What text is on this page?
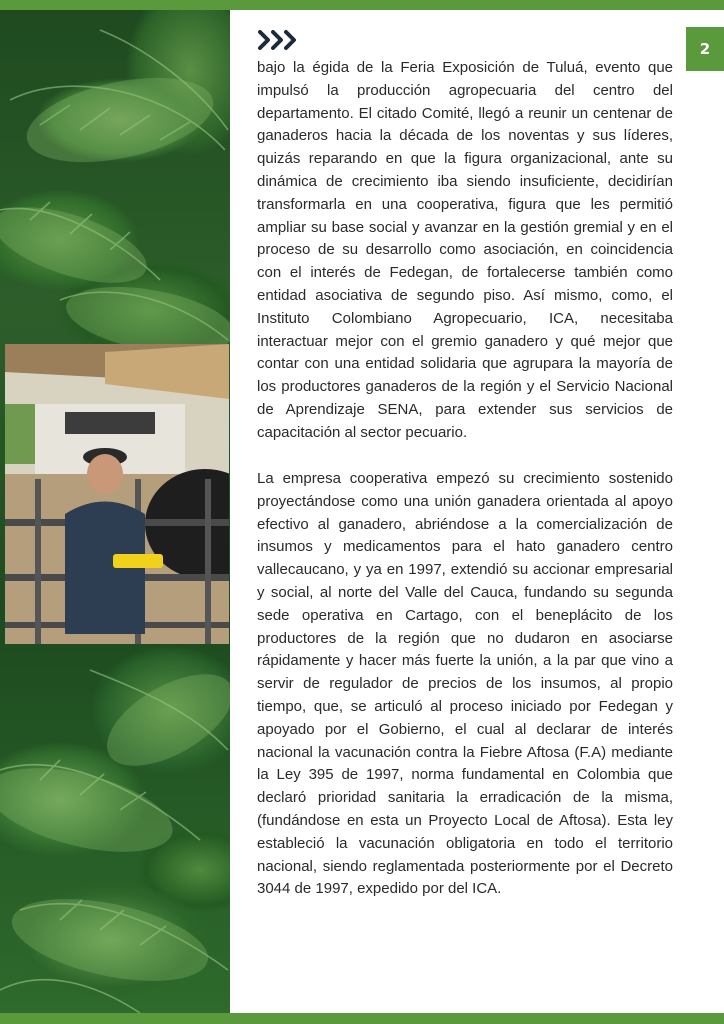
2

bajo la égida de la Feria Exposición de Tuluá, evento que impulsó la producción agropecuaria del centro del departamento. El citado Comité, llegó a reunir un centenar de ganaderos hacia la década de los noventas y sus líderes, quizás reparando en que la figura organizacional, ante su dinámica de crecimiento iba siendo insuficiente, decidirían transformarla en una cooperativa, figura que les permitió ampliar su base social y avanzar en la gestión gremial y en el proceso de su desarrollo como asociación, en coincidencia con el interés de Fedegan, de fortalecerse también como entidad asociativa de segundo piso. Así mismo, como, el Instituto Colombiano Agropecuario, ICA, necesitaba interactuar mejor con el gremio ganadero y qué mejor que contar con una entidad solidaria que agrupara la mayoría de los productores ganaderos de la región y el Servicio Nacional de Aprendizaje SENA, para extender sus servicios de capacitación al sector pecuario.

La empresa cooperativa empezó su crecimiento sostenido proyectándose como una unión ganadera orientada al apoyo efectivo al ganadero, abriéndose a la comercialización de insumos y medicamentos para el hato ganadero centro vallecaucano, y ya en 1997, extendió su accionar empresarial y social, al norte del Valle del Cauca, fundando su segunda sede operativa en Cartago, con el beneplácito de los productores de la región que no dudaron en asociarse rápidamente y hacer más fuerte la unión, a la par que vino a servir de regulador de precios de los insumos, al propio tiempo, que, se articuló al proceso iniciado por Fedegan y apoyado por el Gobierno, el cual al declarar de interés nacional la vacunación contra la Fiebre Aftosa (F.A) mediante la Ley 395 de 1997, norma fundamental en Colombia que declaró prioridad sanitaria la erradicación de la misma, (fundándose en esta un Proyecto Local de Aftosa). Esta ley estableció la vacunación obligatoria en todo el territorio nacional, siendo reglamentada posteriormente por el Decreto 3044 de 1997, expedido por del ICA.
